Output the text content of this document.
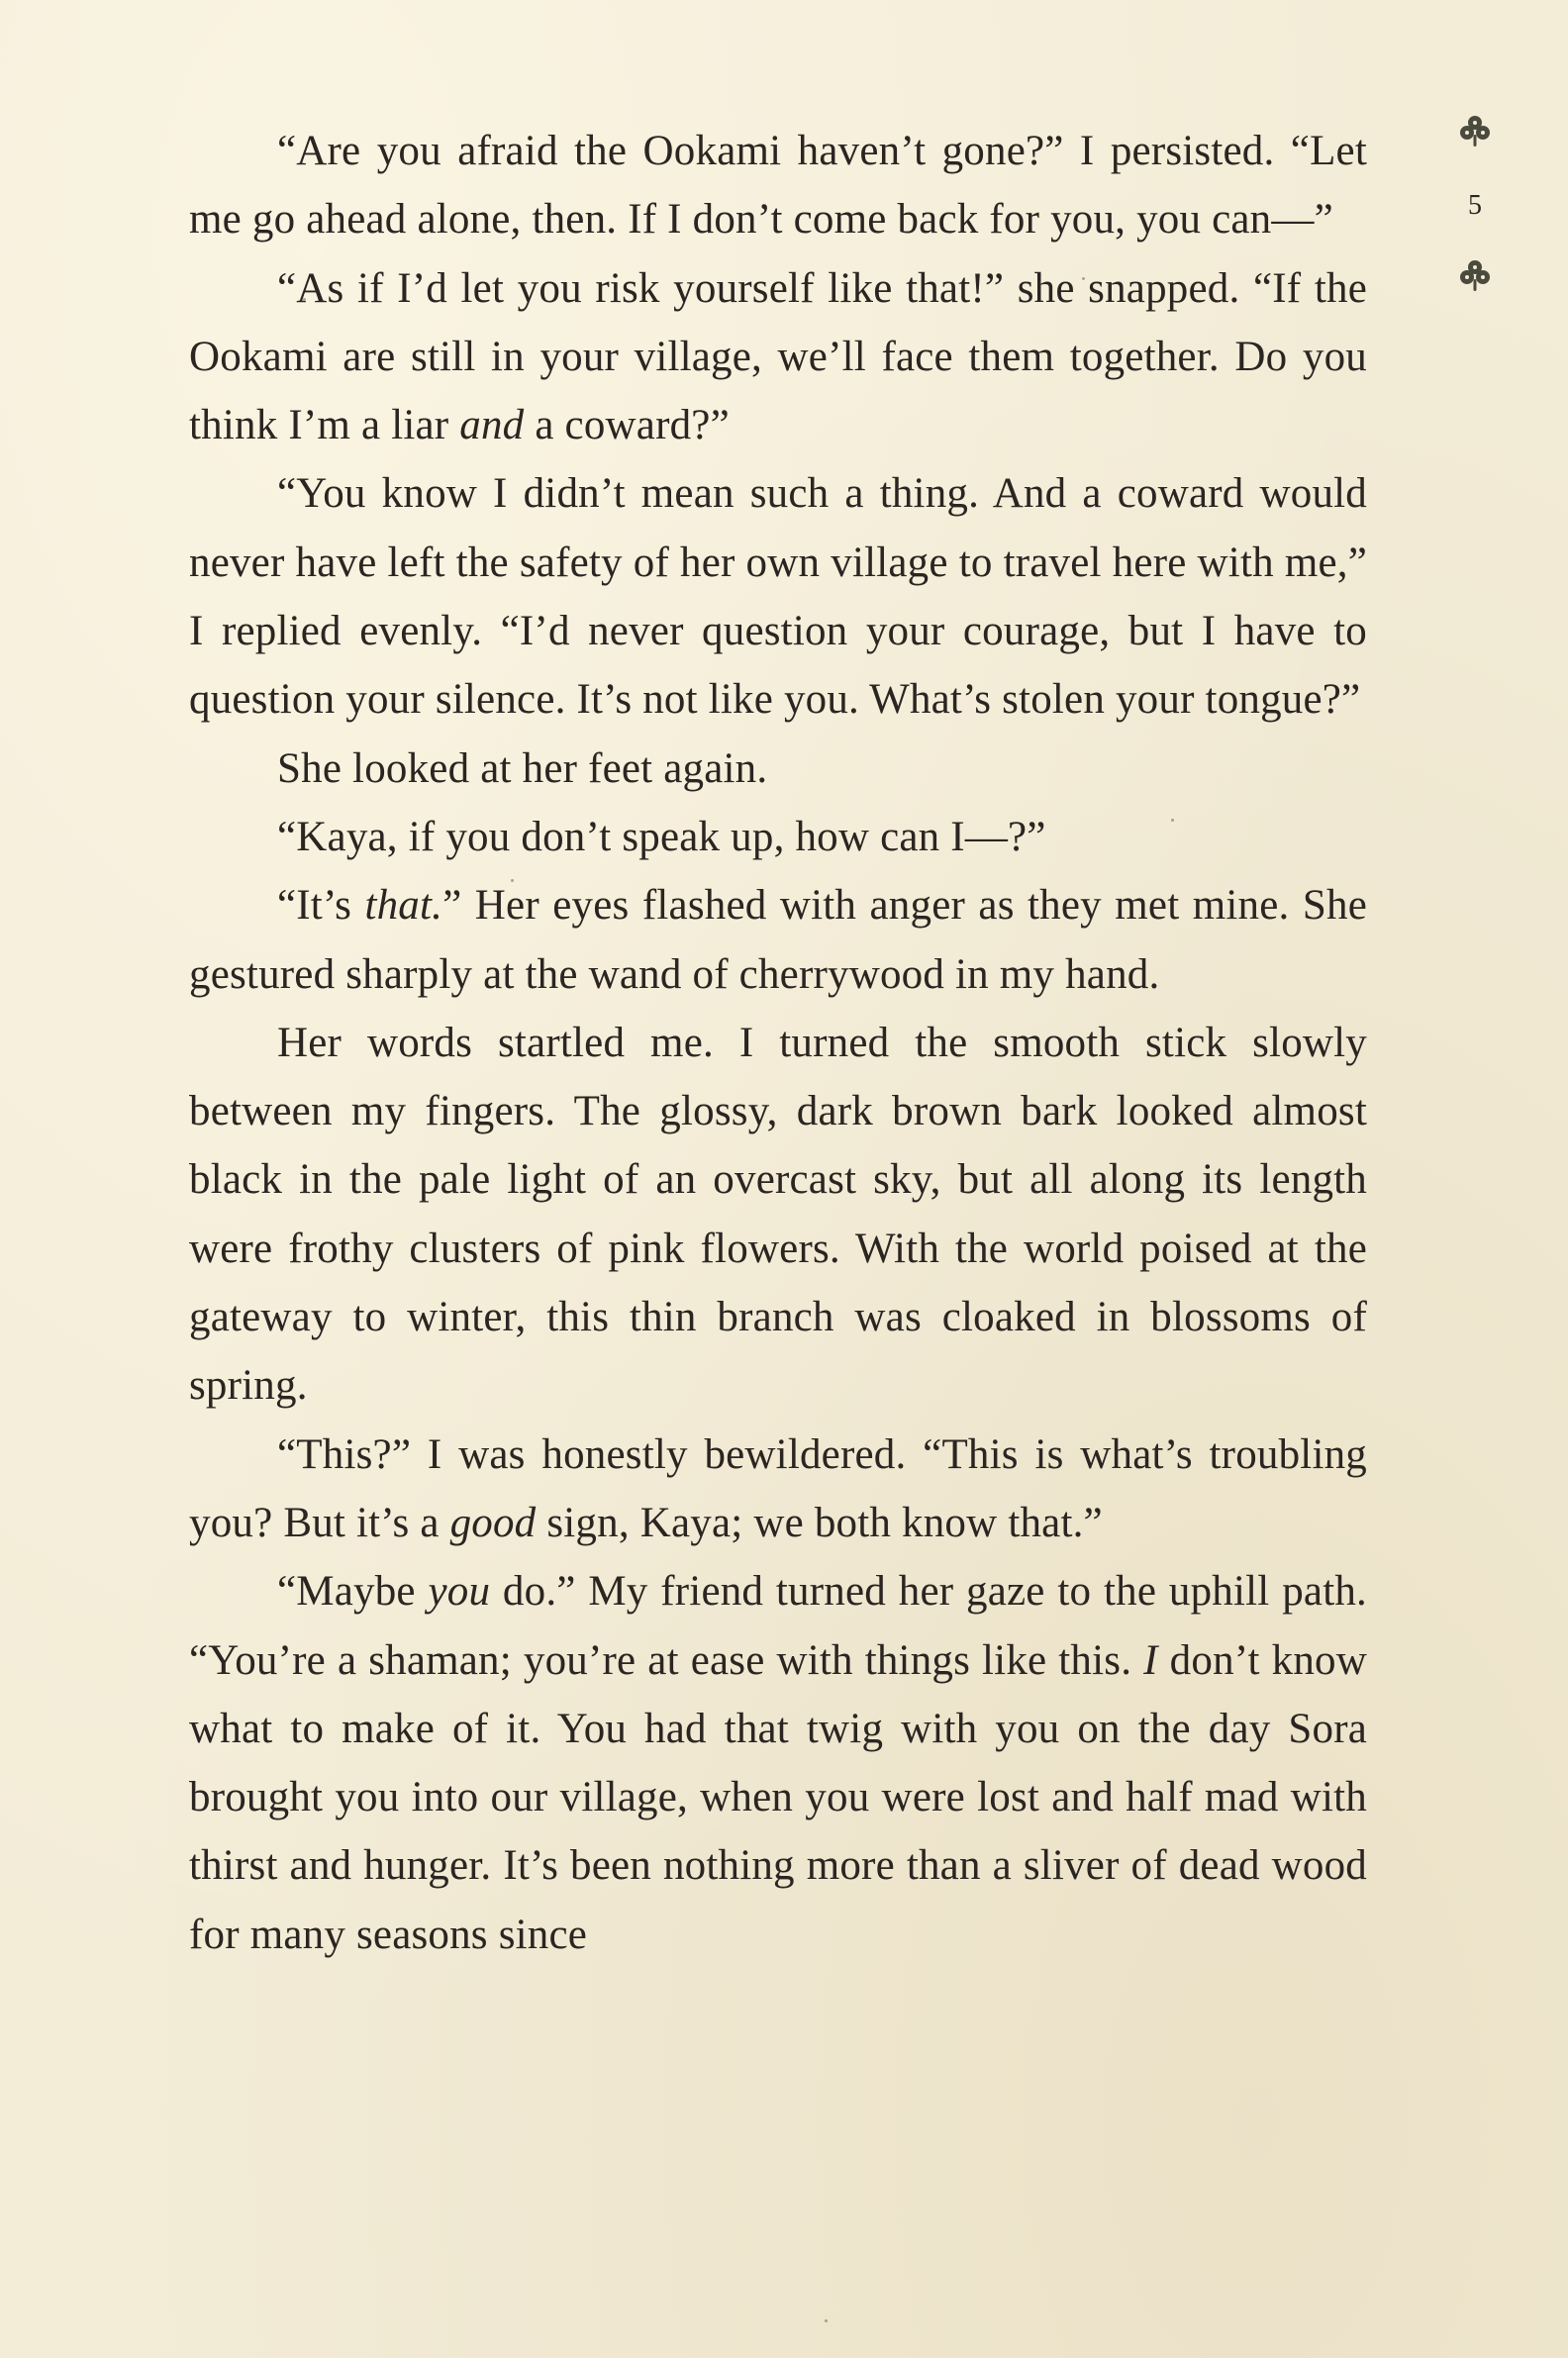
“Are you afraid the Ookami haven’t gone?” I persisted. “Let me go ahead alone, then. If I don’t come back for you, you can—”

“As if I’d let you risk yourself like that!” she snapped. “If the Ookami are still in your village, we’ll face them together. Do you think I’m a liar and a coward?”

“You know I didn’t mean such a thing. And a coward would never have left the safety of her own village to travel here with me,” I replied evenly. “I’d never question your courage, but I have to question your silence. It’s not like you. What’s stolen your tongue?”

She looked at her feet again.

“Kaya, if you don’t speak up, how can I—?”

“It’s that.” Her eyes flashed with anger as they met mine. She gestured sharply at the wand of cherrywood in my hand.

Her words startled me. I turned the smooth stick slowly between my fingers. The glossy, dark brown bark looked almost black in the pale light of an overcast sky, but all along its length were frothy clusters of pink flowers. With the world poised at the gateway to winter, this thin branch was cloaked in blossoms of spring.

“This?” I was honestly bewildered. “This is what’s troubling you? But it’s a good sign, Kaya; we both know that.”

“Maybe you do.” My friend turned her gaze to the uphill path. “You’re a shaman; you’re at ease with things like this. I don’t know what to make of it. You had that twig with you on the day Sora brought you into our village, when you were lost and half mad with thirst and hunger. It’s been nothing more than a sliver of dead wood for many seasons since

5
